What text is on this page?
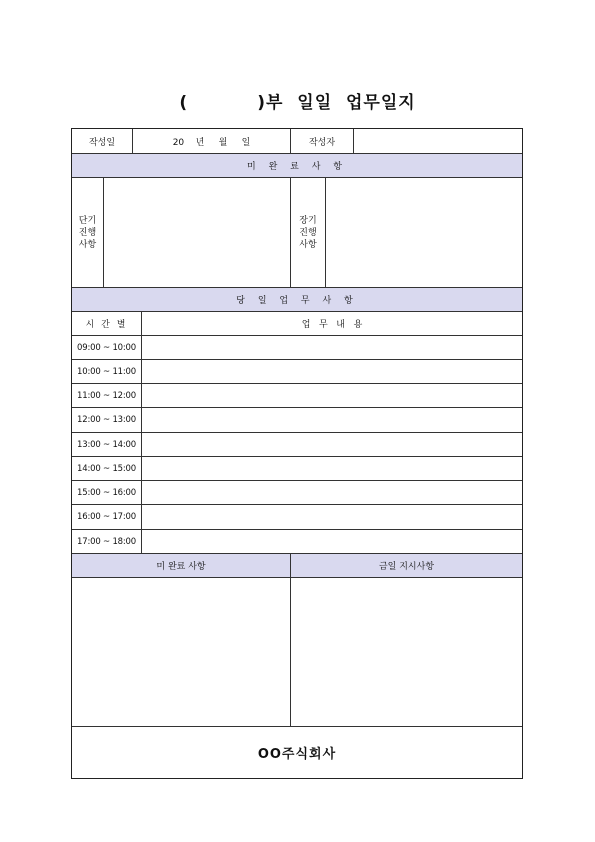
(          )부  일일  업무일지
작성일	20    년     월     일	작성자
미 완 료 사 항
단기
진행
사항
장기
진행
사항
당 일 업 무 사 항
시 간 별	업   무   내   용
09:00 ~ 10:00
10:00 ~ 11:00
11:00 ~ 12:00
12:00 ~ 13:00
13:00 ~ 14:00
14:00 ~ 15:00
15:00 ~ 16:00
16:00 ~ 17:00
17:00 ~ 18:00
미 완료 사항	금일 지시사항
OO주식회사
